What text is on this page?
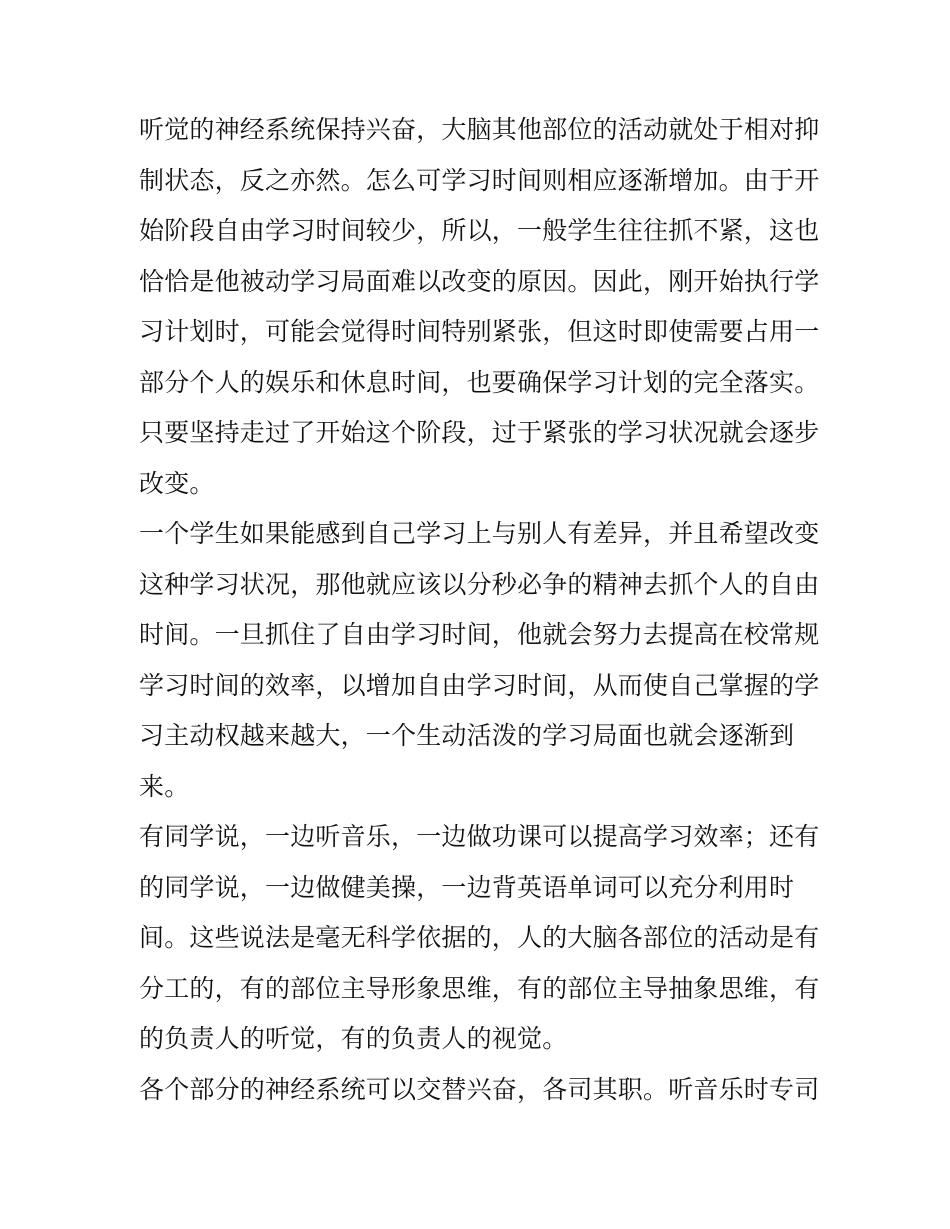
听觉的神经系统保持兴奋，大脑其他部位的活动就处于相对抑
制状态，反之亦然。怎么可学习时间则相应逐渐增加。由于开
始阶段自由学习时间较少，所以，一般学生往往抓不紧，这也
恰恰是他被动学习局面难以改变的原因。因此，刚开始执行学
习计划时，可能会觉得时间特别紧张，但这时即使需要占用一
部分个人的娱乐和休息时间，也要确保学习计划的完全落实。
只要坚持走过了开始这个阶段，过于紧张的学习状况就会逐步
改变。
一个学生如果能感到自己学习上与别人有差异，并且希望改变
这种学习状况，那他就应该以分秒必争的精神去抓个人的自由
时间。一旦抓住了自由学习时间，他就会努力去提高在校常规
学习时间的效率，以增加自由学习时间，从而使自己掌握的学
习主动权越来越大，一个生动活泼的学习局面也就会逐渐到
来。
有同学说，一边听音乐，一边做功课可以提高学习效率；还有
的同学说，一边做健美操，一边背英语单词可以充分利用时
间。这些说法是毫无科学依据的，人的大脑各部位的活动是有
分工的，有的部位主导形象思维，有的部位主导抽象思维，有
的负责人的听觉，有的负责人的视觉。
各个部分的神经系统可以交替兴奋，各司其职。听音乐时专司
